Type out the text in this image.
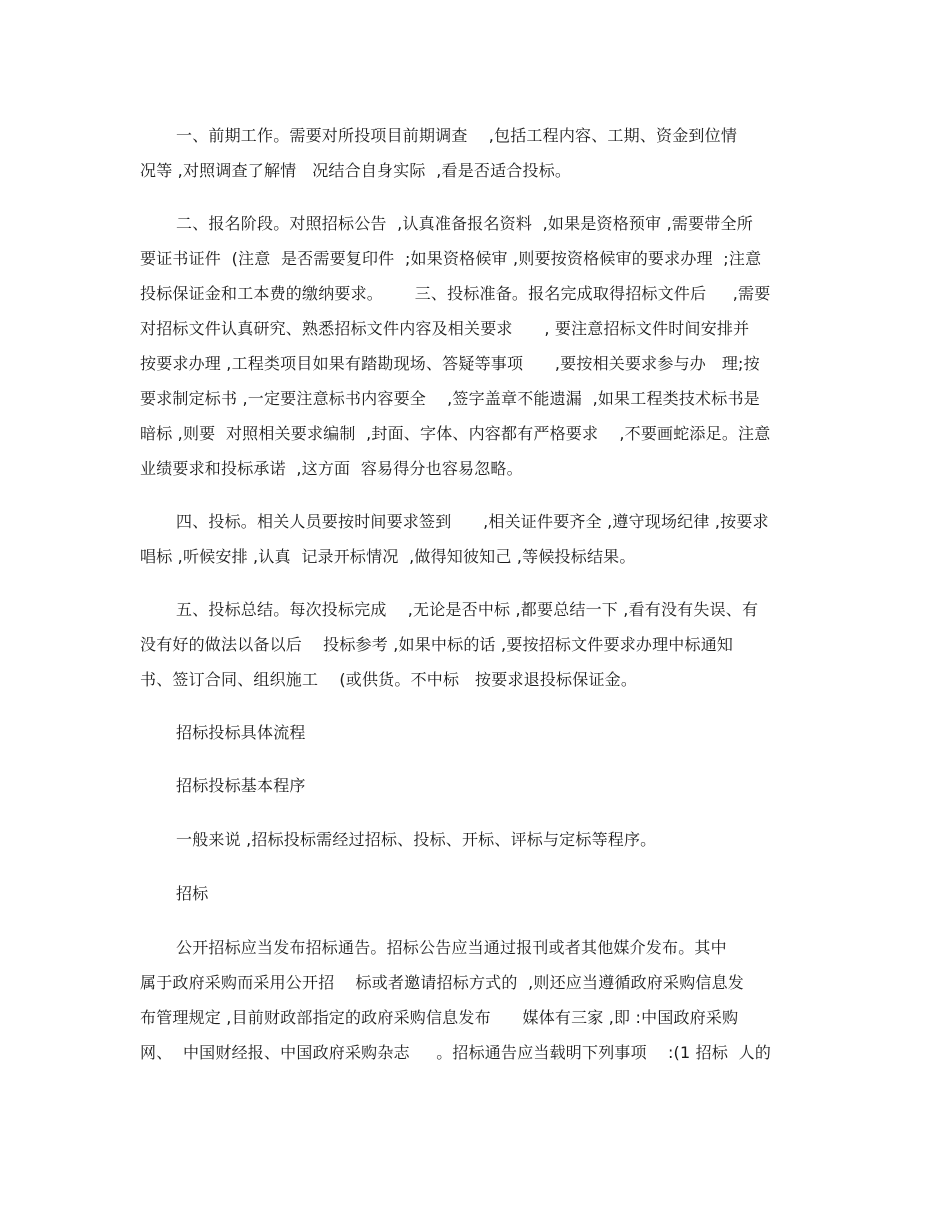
一、前期工作。需要对所投项目前期调查    ,包括工程内容、工期、资金到位情
况等 ,对照调查了解情   况结合自身实际  ,看是否适合投标。
二、报名阶段。对照招标公告  ,认真准备报名资料  ,如果是资格预审 ,需要带全所
要证书证件  (注意  是否需要复印件  ;如果资格候审 ,则要按资格候审的要求办理  ;注意
投标保证金和工本费的缴纳要求。      三、投标准备。报名完成取得招标文件后     ,需要
对招标文件认真研究、熟悉招标文件内容及相关要求      , 要注意招标文件时间安排并
按要求办理 ,工程类项目如果有踏勘现场、答疑等事项      ,要按相关要求参与办   理;按
要求制定标书 ,一定要注意标书内容要全    ,签字盖章不能遗漏  ,如果工程类技术标书是
暗标 ,则要  对照相关要求编制  ,封面、字体、内容都有严格要求    ,不要画蛇添足。注意
业绩要求和投标承诺  ,这方面  容易得分也容易忽略。
四、投标。相关人员要按时间要求签到      ,相关证件要齐全 ,遵守现场纪律 ,按要求
唱标 ,听候安排 ,认真  记录开标情况  ,做得知彼知己 ,等候投标结果。
五、投标总结。每次投标完成    ,无论是否中标 ,都要总结一下 ,看有没有失误、有
没有好的做法以备以后    投标参考 ,如果中标的话 ,要按招标文件要求办理中标通知
书、签订合同、组织施工    (或供货。不中标   按要求退投标保证金。
招标投标具体流程
招标投标基本程序
一般来说 ,招标投标需经过招标、投标、开标、评标与定标等程序。
招标
公开招标应当发布招标通告。招标公告应当通过报刊或者其他媒介发布。其中
属于政府采购而采用公开招    标或者邀请招标方式的  ,则还应当遵循政府采购信息发
布管理规定 ,目前财政部指定的政府采购信息发布      媒体有三家 ,即 :中国政府采购
网、  中国财经报、中国政府采购杂志     。招标通告应当载明下列事项    :(1 招标  人的
